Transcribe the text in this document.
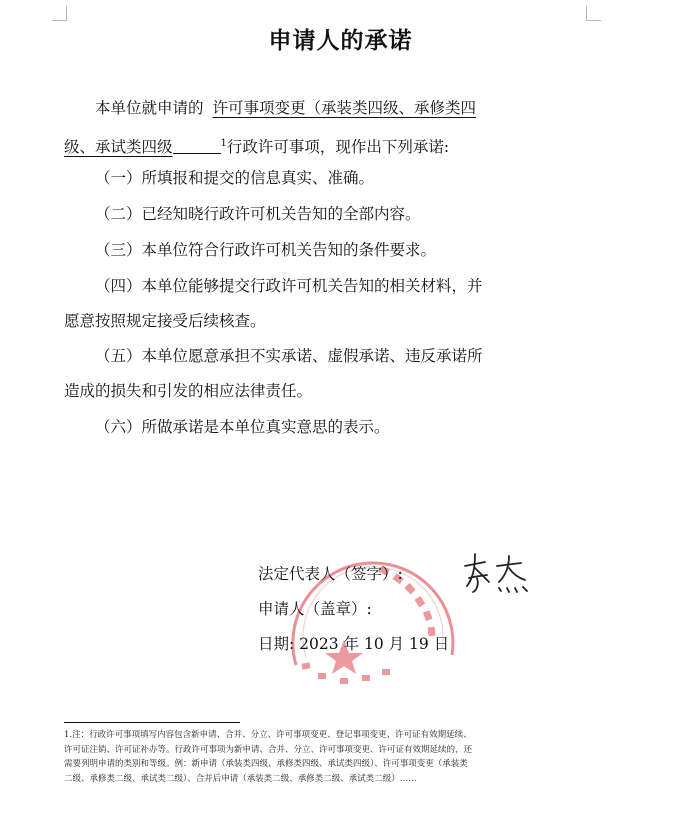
申请人的承诺
本单位就申请的 许可事项变更（承装类四级、承修类四
级、承试类四级	$^1$行政许可事项，现作出下列承诺:
（一）所填报和提交的信息真实、准确。
（二）已经知晓行政许可机关告知的全部内容。
（三）本单位符合行政许可机关告知的条件要求。
（四）本单位能够提交行政许可机关告知的相关材料，并
愿意按照规定接受后续核查。
（五）本单位愿意承担不实承诺、虚假承诺、违反承诺所
造成的损失和引发的相应法律责任。
（六）所做承诺是本单位真实意思的表示。
法定代表人（签字）:
申请人（盖章）:
日期: 2023 年 10 月 19 日
1.注：行政许可事项填写内容包含新申请、合并、分立、许可事项变更、登记事项变更、许可证有效期延续、
许可证注销、许可证补办等。行政许可事项为新申请、合并、分立、许可事项变更、许可证有效期延续的，还
需要列明申请的类别和等级。例：新申请（承装类四级、承修类四级、承试类四级）、许可事项变更（承装类
二级、承修类二级、承试类二级）、合并后申请（承装类二级、承修类二级、承试类二级）……
